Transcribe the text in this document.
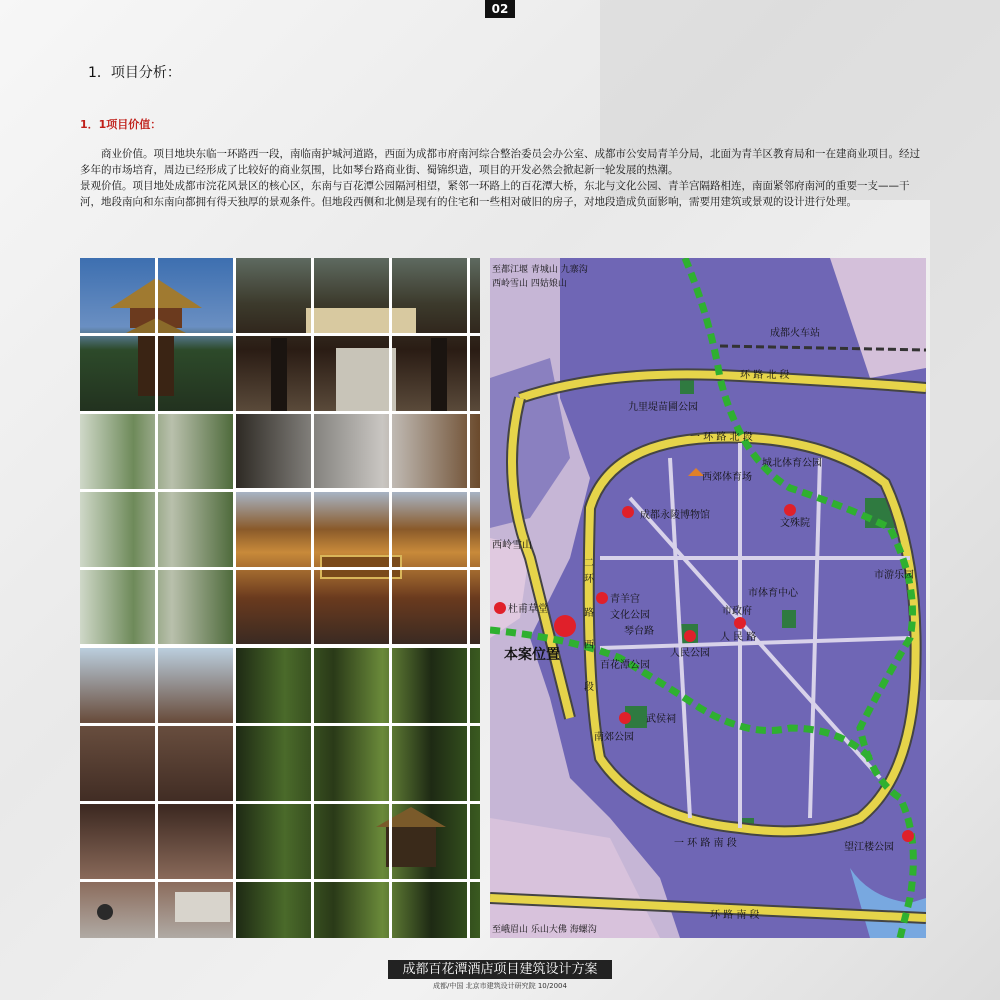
02
1．项目分析：
1．1项目价值：

商业价值。项目地块东临一环路西一段，南临南护城河道路，西面为成都市府南河综合整治委员会办公室、成都市公安局青羊分局，北面为青羊区教育局和一在建商业项目。经过多年的市场培育，周边已经形成了比较好的商业氛围，比如琴台路商业街、蜀锦织造，项目的开发必然会掀起新一轮发展的热潮。

景观价值。项目地处成都市浣花风景区的核心区，东南与百花潭公园隔河相望，紧邻一环路上的百花潭大桥，东北与文化公园、青羊宫隔路相连，南面紧邻府南河的重要一支——干河，地段南向和东南向都拥有得天独厚的景观条件。但地段西侧和北侧是现有的住宅和一些相对破旧的房子，对地段造成负面影响，需要用建筑或景观的设计进行处理。

成都火车站
环 路 北 段
一 环 路 北 段
九里堤苗圃公园
西郊体育场
城北体育公园
成都永陵博物馆
文殊院
西岭雪山
杜甫草堂
青羊宫
文化公园
琴台路
市体育中心
市政府
人 民 路
人民公园
百花潭公园
本案位置
武侯祠
南郊公园
一 环 路 南 段
环 路 南 段
望江楼公园
市游乐园
至都江堰 青城山 九寨沟
西岭雪山 四姑娘山
至峨眉山 乐山大佛 海螺沟
环
路
西
段
二
成都百花潭酒店项目建筑设计方案
成都/中国 北京市建筑设计研究院 10/2004
